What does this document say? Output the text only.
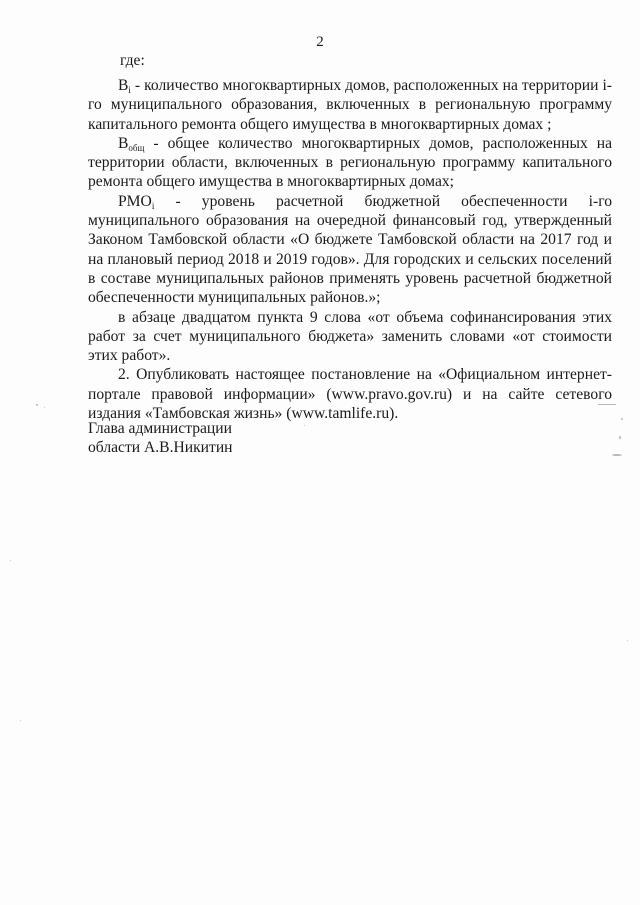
2
где:

$В_i$ - количество многоквартирных домов, расположенных на территории i-го муниципального образования, включенных в региональную программу капитального ремонта общего имущества в многоквартирных домах ;

$В_{общ}$ - общее количество многоквартирных домов, расположенных на территории области, включенных в региональную программу капитального ремонта общего имущества в многоквартирных домах;

$РМО_i$ - уровень расчетной бюджетной обеспеченности i-го муниципального образования на очередной финансовый год, утвержденный Законом Тамбовской области «О бюджете Тамбовской области на 2017 год и на плановый период 2018 и 2019 годов». Для городских и сельских поселений в составе муниципальных районов применять уровень расчетной бюджетной обеспеченности муниципальных районов.»;

в абзаце двадцатом пункта 9 слова «от объема софинансирования этих работ за счет муниципального бюджета» заменить словами «от стоимости этих работ».

2. Опубликовать настоящее постановление на «Официальном интернет-портале правовой информации» (www.pravo.gov.ru) и на сайте сетевого издания «Тамбовская жизнь» (www.tamlife.ru).

Глава администрации
области А.В.Никитин
